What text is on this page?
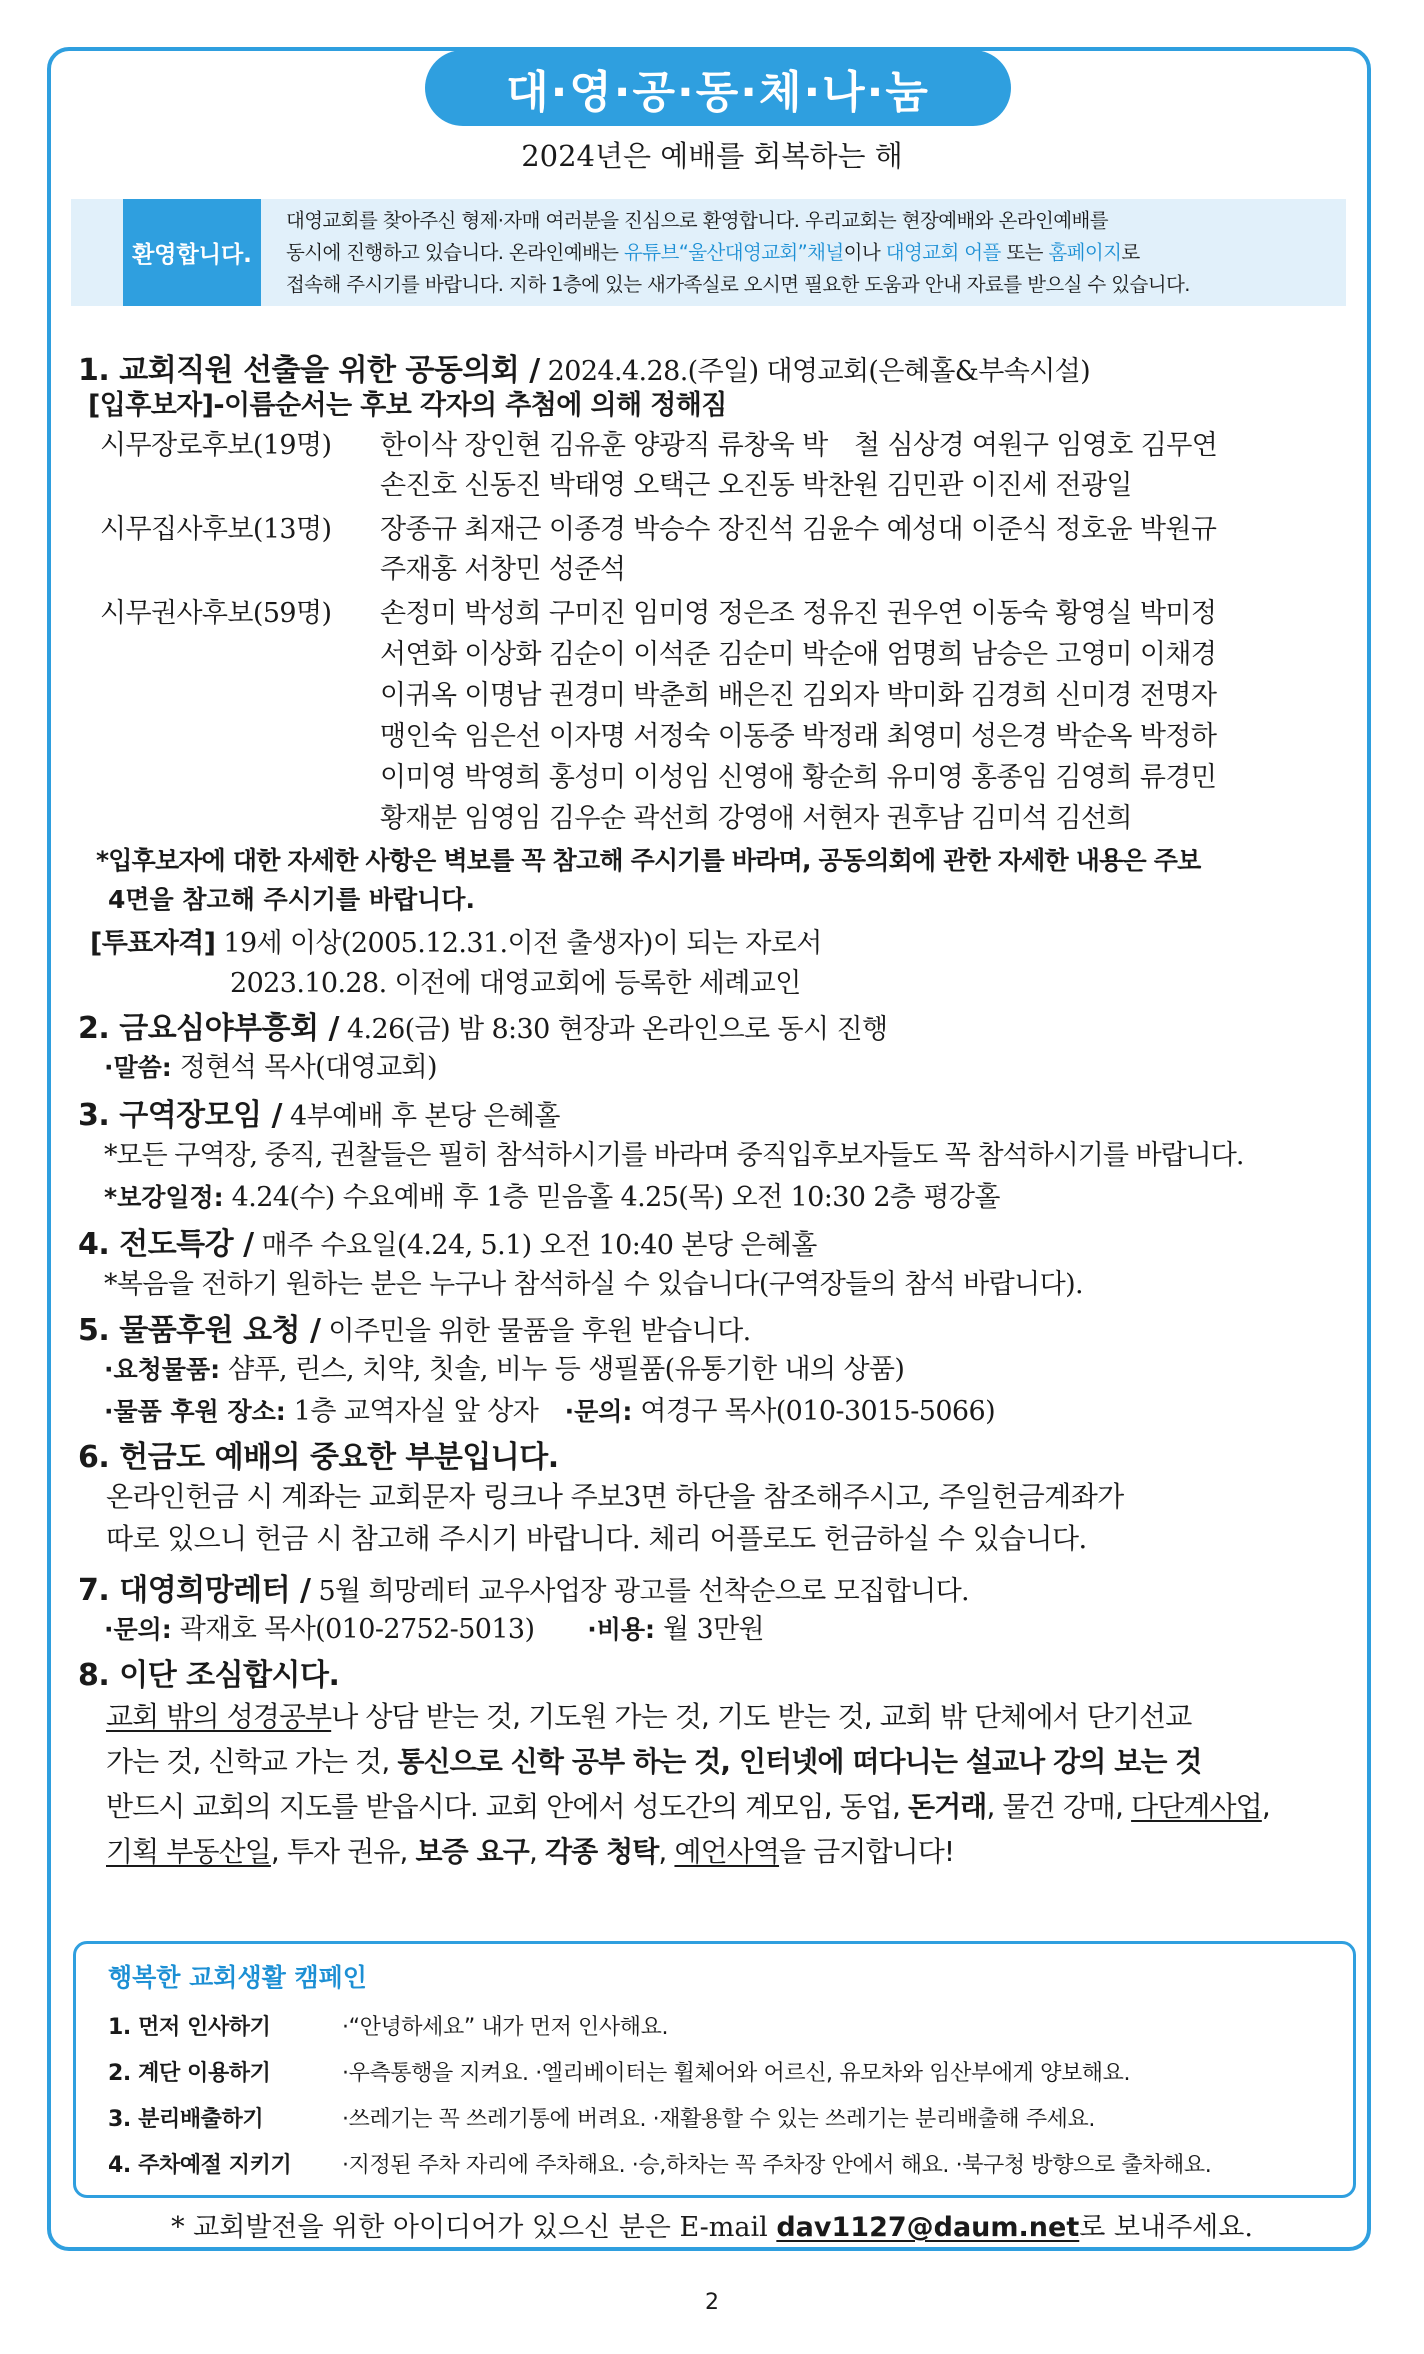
대·영·공·동·체·나·눔
2024년은 예배를 회복하는 해
환영합니다.
대영교회를 찾아주신 형제·자매 여러분을 진심으로 환영합니다. 우리교회는 현장예배와 온라인예배를
동시에 진행하고 있습니다. 온라인예배는 유튜브“울산대영교회”채널이나 대영교회 어플 또는 홈페이지로
접속해 주시기를 바랍니다. 지하 1층에 있는 새가족실로 오시면 필요한 도움과 안내 자료를 받으실 수 있습니다.
1. 교회직원 선출을 위한 공동의회 / 2024.4.28.(주일) 대영교회(은혜홀&부속시설)
[입후보자]-이름순서는 후보 각자의 추첨에 의해 정해짐
시무장로후보(19명) 한이삭 장인현 김유훈 양광직 류창욱 박　철 심상경 여원구 임영호 김무연
손진호 신동진 박태영 오택근 오진동 박찬원 김민관 이진세 전광일
시무집사후보(13명) 장종규 최재근 이종경 박승수 장진석 김윤수 예성대 이준식 정호윤 박원규
주재홍 서창민 성준석
시무권사후보(59명) 손정미 박성희 구미진 임미영 정은조 정유진 권우연 이동숙 황영실 박미정
서연화 이상화 김순이 이석준 김순미 박순애 엄명희 남승은 고영미 이채경
이귀옥 이명남 권경미 박춘희 배은진 김외자 박미화 김경희 신미경 전명자
맹인숙 임은선 이자명 서정숙 이동중 박정래 최영미 성은경 박순옥 박정하
이미영 박영희 홍성미 이성임 신영애 황순희 유미영 홍종임 김영희 류경민
황재분 임영임 김우순 곽선희 강영애 서현자 권후남 김미석 김선희
*입후보자에 대한 자세한 사항은 벽보를 꼭 참고해 주시기를 바라며, 공동의회에 관한 자세한 내용은 주보
4면을 참고해 주시기를 바랍니다.
[투표자격] 19세 이상(2005.12.31.이전 출생자)이 되는 자로서
2023.10.28. 이전에 대영교회에 등록한 세례교인
2. 금요심야부흥회 / 4.26(금) 밤 8:30 현장과 온라인으로 동시 진행
·말씀: 정현석 목사(대영교회)
3. 구역장모임 / 4부예배 후 본당 은혜홀
*모든 구역장, 중직, 권찰들은 필히 참석하시기를 바라며 중직입후보자들도 꼭 참석하시기를 바랍니다.
*보강일정: 4.24(수) 수요예배 후 1층 믿음홀 4.25(목) 오전 10:30 2층 평강홀
4. 전도특강 / 매주 수요일(4.24, 5.1) 오전 10:40 본당 은혜홀
*복음을 전하기 원하는 분은 누구나 참석하실 수 있습니다(구역장들의 참석 바랍니다).
5. 물품후원 요청 / 이주민을 위한 물품을 후원 받습니다.
·요청물품: 샴푸, 린스, 치약, 칫솔, 비누 등 생필품(유통기한 내의 상품)
·물품 후원 장소: 1층 교역자실 앞 상자　·문의: 여경구 목사(010-3015-5066)
6. 헌금도 예배의 중요한 부분입니다.
온라인헌금 시 계좌는 교회문자 링크나 주보3면 하단을 참조해주시고, 주일헌금계좌가
따로 있으니 헌금 시 참고해 주시기 바랍니다. 체리 어플로도 헌금하실 수 있습니다.
7. 대영희망레터 / 5월 희망레터 교우사업장 광고를 선착순으로 모집합니다.
·문의: 곽재호 목사(010-2752-5013)　　·비용: 월 3만원
8. 이단 조심합시다.
교회 밖의 성경공부나 상담 받는 것, 기도원 가는 것, 기도 받는 것, 교회 밖 단체에서 단기선교
가는 것, 신학교 가는 것, 통신으로 신학 공부 하는 것, 인터넷에 떠다니는 설교나 강의 보는 것
반드시 교회의 지도를 받읍시다. 교회 안에서 성도간의 계모임, 동업, 돈거래, 물건 강매, 다단계사업,
기획 부동산일, 투자 권유, 보증 요구, 각종 청탁, 예언사역을 금지합니다!
행복한 교회생활 캠페인
1. 먼저 인사하기	·“안녕하세요” 내가 먼저 인사해요.
2. 계단 이용하기	·우측통행을 지켜요. ·엘리베이터는 휠체어와 어르신, 유모차와 임산부에게 양보해요.
3. 분리배출하기	·쓰레기는 꼭 쓰레기통에 버려요. ·재활용할 수 있는 쓰레기는 분리배출해 주세요.
4. 주차예절 지키기 ·지정된 주차 자리에 주차해요. ·승,하차는 꼭 주차장 안에서 해요. ·북구청 방향으로 출차해요.
* 교회발전을 위한 아이디어가 있으신 분은 E-mail dav1127@daum.net로 보내주세요.
2
